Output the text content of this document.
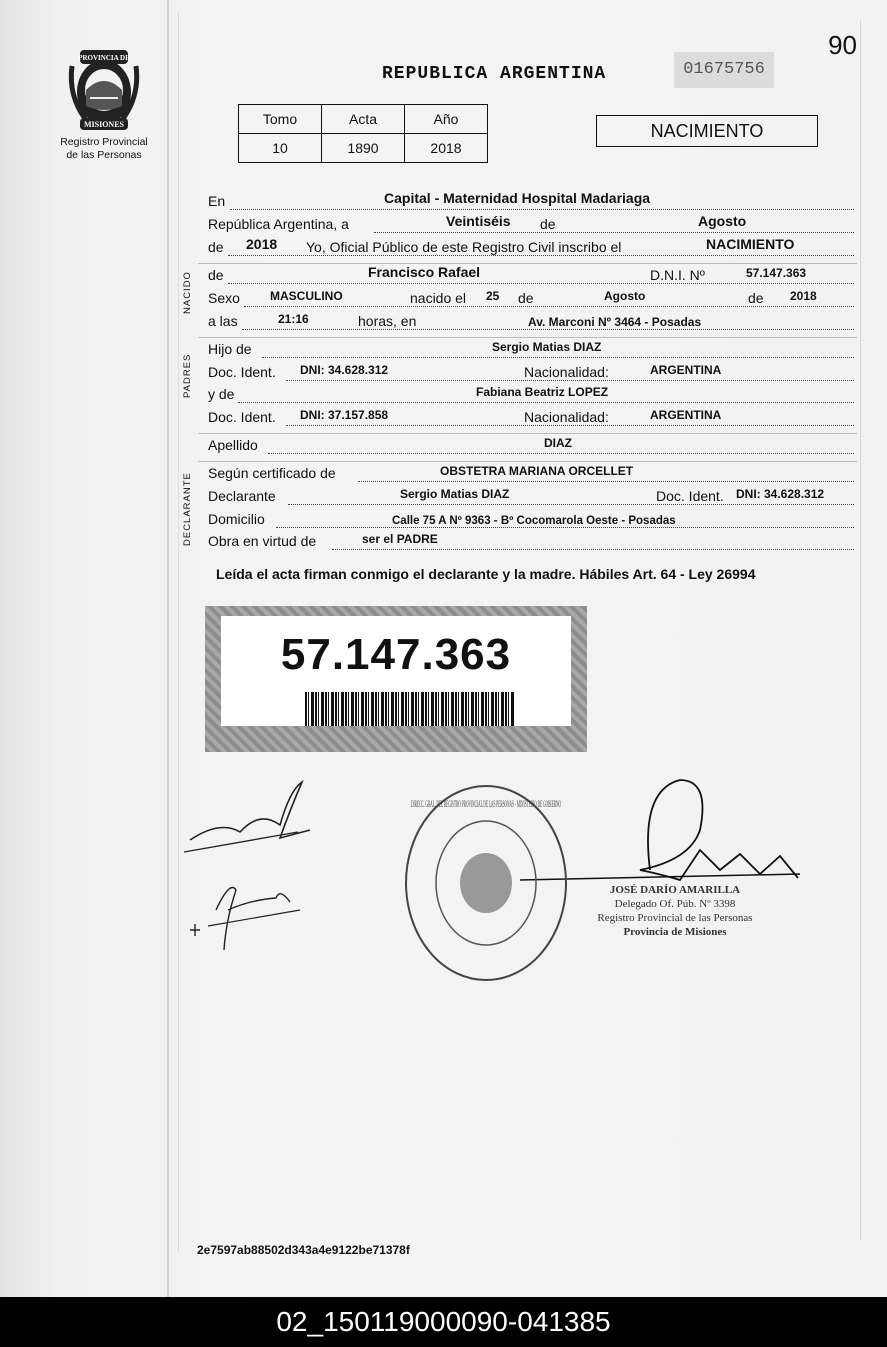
90
PROVINCIA DE
MISIONES
Registro Provincial
de las Personas
REPUBLICA ARGENTINA	01675756
Tomo	Acta	Año
10	1890	2018
NACIMIENTO
En	Capital - Maternidad Hospital Madariaga
República Argentina, a	Veintiséis de	Agosto
de 2018 Yo, Oficial Público de este Registro Civil inscribo el	NACIMIENTO
NACIDO de	Francisco Rafael	D.N.I. Nº	57.147.363
Sexo	MASCULINO	nacido el 25 de	Agosto	de 2018
a las	21:16	horas, en	Av. Marconi Nº 3464 - Posadas
PADRES
Hijo de	Sergio Matias DIAZ
Doc. Ident. DNI: 34.628.312	Nacionalidad:	ARGENTINA
y de	Fabiana Beatriz LOPEZ
Doc. Ident. DNI: 37.157.858	Nacionalidad:	ARGENTINA
Apellido	DIAZ
DECLARANTE Según certificado de	OBSTETRA MARIANA ORCELLET
Declarante	Sergio Matias DIAZ	Doc. Ident. DNI: 34.628.312
Domicilio	Calle 75 A Nº 9363 - Bº Cocomarola Oeste - Posadas
Obra en virtud de	ser el PADRE
Leída el acta firman conmigo el declarante y la madre. Hábiles Art. 64 - Ley 26994
57.147.363
DIRECC. GRAL. DEL REGISTRO PROVINCIAL DE LAS PERSONAS - MINISTERIO DE GOBIERNO
JOSÉ DARÍO AMARILLA
Delegado Of. Púb. Nº 3398
Registro Provincial de las Personas
Provincia de Misiones
2e7597ab88502d343a4e9122be71378f
02_150119000090-041385
